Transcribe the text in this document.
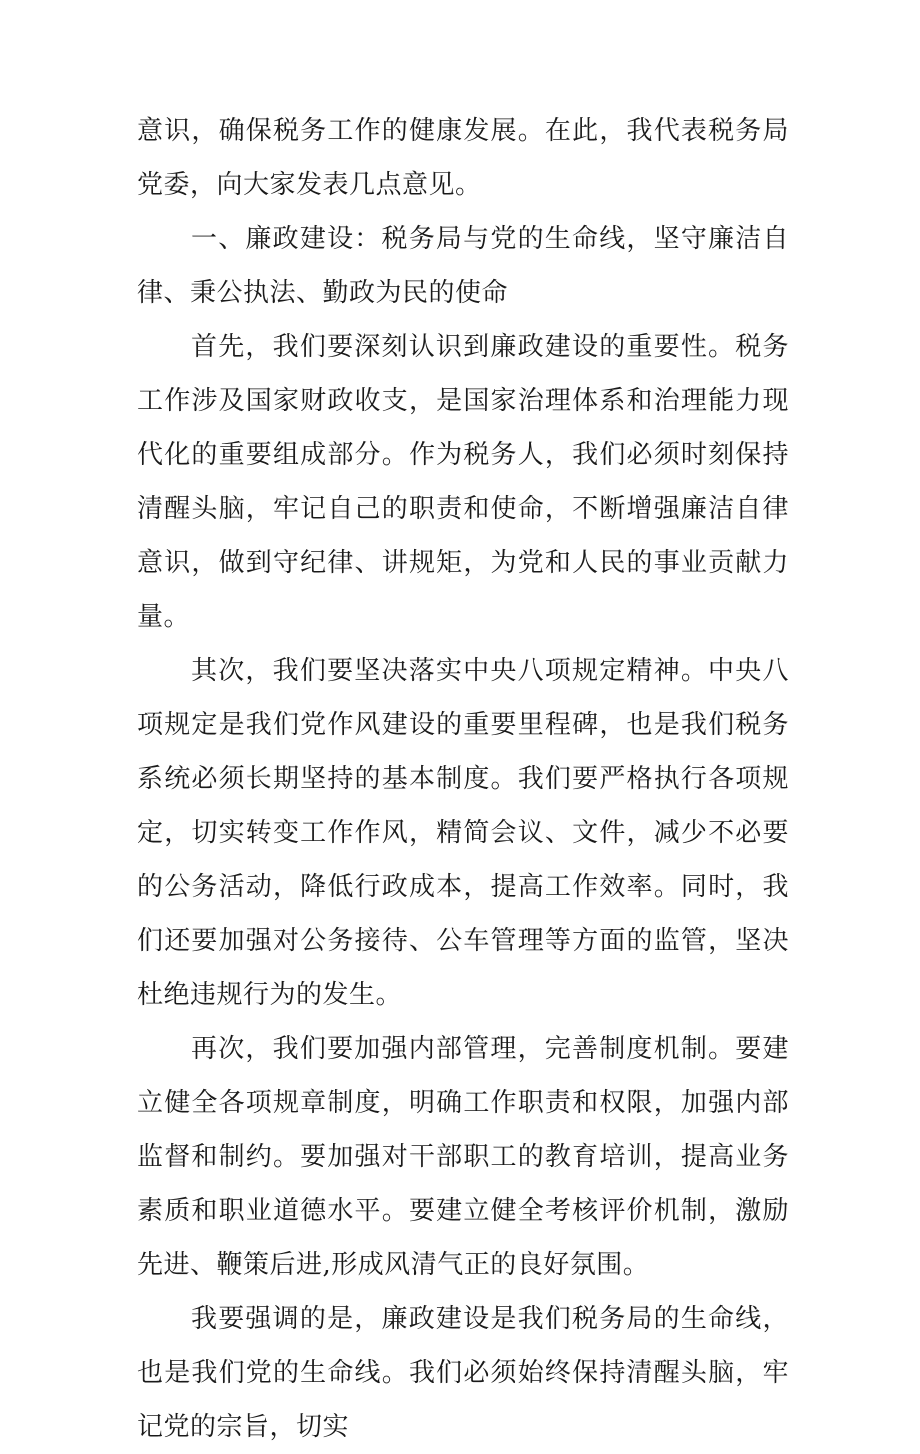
意识，确保税务工作的健康发展。在此，我代表税务局党委，向大家发表几点意见。

一、廉政建设：税务局与党的生命线，坚守廉洁自律、秉公执法、勤政为民的使命

首先，我们要深刻认识到廉政建设的重要性。税务工作涉及国家财政收支，是国家治理体系和治理能力现代化的重要组成部分。作为税务人，我们必须时刻保持清醒头脑，牢记自己的职责和使命，不断增强廉洁自律意识，做到守纪律、讲规矩，为党和人民的事业贡献力量。

其次，我们要坚决落实中央八项规定精神。中央八项规定是我们党作风建设的重要里程碑，也是我们税务系统必须长期坚持的基本制度。我们要严格执行各项规定，切实转变工作作风，精简会议、文件，减少不必要的公务活动，降低行政成本，提高工作效率。同时，我们还要加强对公务接待、公车管理等方面的监管，坚决杜绝违规行为的发生。

再次，我们要加强内部管理，完善制度机制。要建立健全各项规章制度，明确工作职责和权限，加强内部监督和制约。要加强对干部职工的教育培训，提高业务素质和职业道德水平。要建立健全考核评价机制，激励先进、鞭策后进,形成风清气正的良好氛围。

我要强调的是，廉政建设是我们税务局的生命线，也是我们党的生命线。我们必须始终保持清醒头脑，牢记党的宗旨，切实
